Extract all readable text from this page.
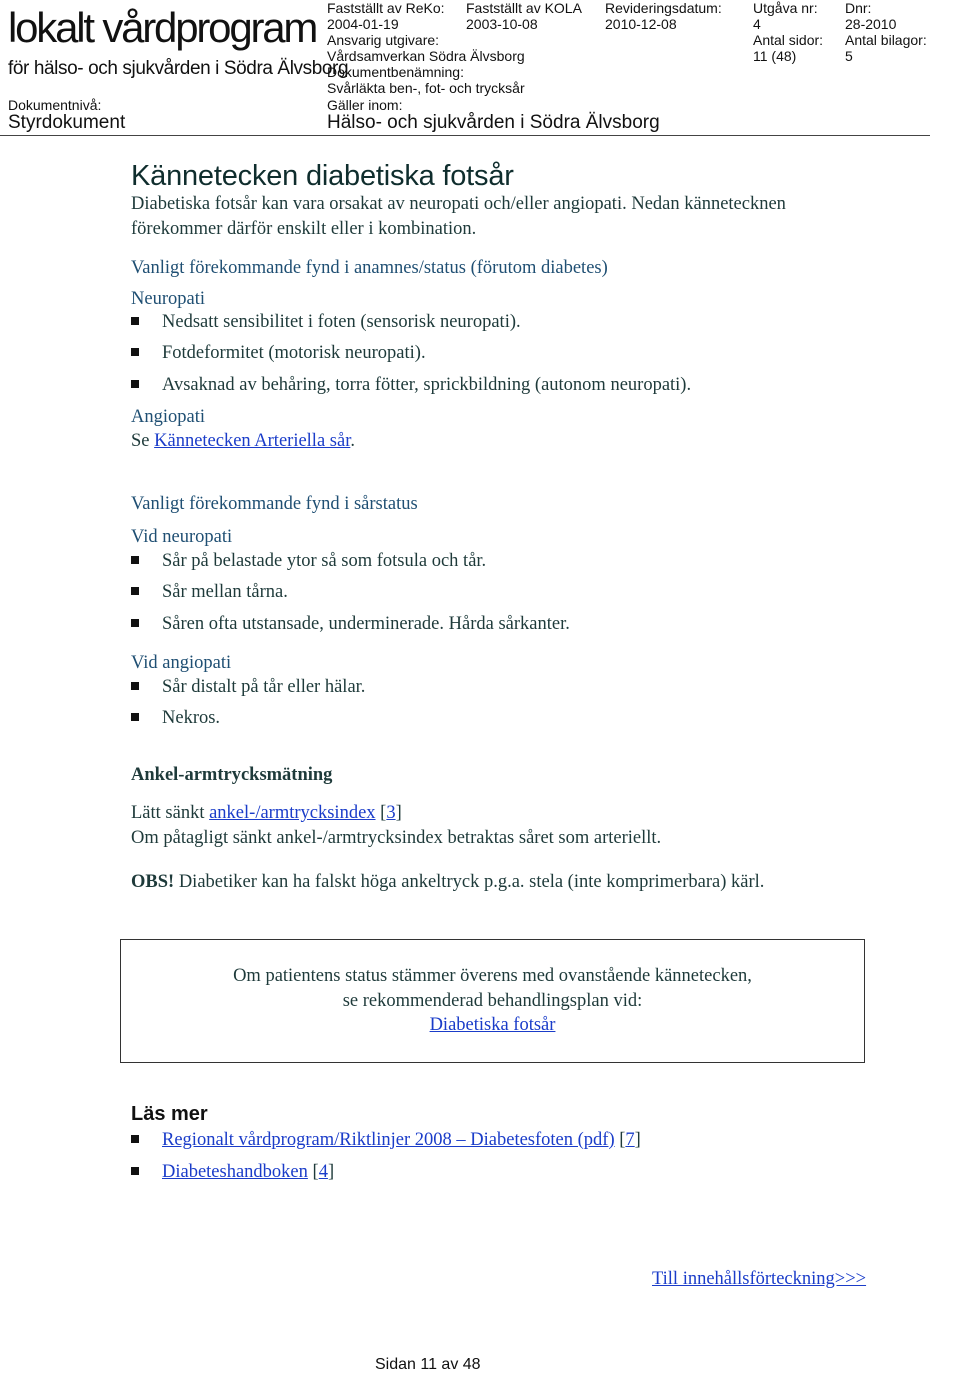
lokalt vårdprogram
för hälso- och sjukvården i Södra Älvsborg
Fastställt av ReKo:
2004-01-19
Fastställt av KOLA
2003-10-08
Revideringsdatum:
2010-12-08
Utgåva nr:
4
Dnr:
28-2010
Ansvarig utgivare:
Vårdsamverkan Södra Älvsborg
Antal sidor:
11 (48)
Antal bilagor:
5
Dokumentbenämning:
Svårläkta ben-, fot- och trycksår
Dokumentnivå:
Styrdokument
Gäller inom:
Hälso- och sjukvården i Södra Älvsborg
Kännetecken diabetiska fotsår
Diabetiska fotsår kan vara orsakat av neuropati och/eller angiopati. Nedan kännetecknen
förekommer därför enskilt eller i kombination.
Vanligt förekommande fynd i anamnes/status (förutom diabetes)
Neuropati
Nedsatt sensibilitet i foten (sensorisk neuropati).
Fotdeformitet (motorisk neuropati).
Avsaknad av behåring, torra fötter, sprickbildning (autonom neuropati).
Angiopati
Se Kännetecken Arteriella sår.
Vanligt förekommande fynd i sårstatus
Vid neuropati
Sår på belastade ytor så som fotsula och tår.
Sår mellan tårna.
Såren ofta utstansade, underminerade. Hårda sårkanter.
Vid angiopati
Sår distalt på tår eller hälar.
Nekros.
Ankel-armtrycksmätning
Lätt sänkt ankel-/armtrycksindex [3]
Om påtagligt sänkt ankel-/armtrycksindex betraktas såret som arteriellt.
OBS! Diabetiker kan ha falskt höga ankeltryck p.g.a. stela (inte komprimerbara) kärl.
Om patientens status stämmer överens med ovanstående kännetecken,
se rekommenderad behandlingsplan vid:
Diabetiska fotsår
Läs mer
Regionalt vårdprogram/Riktlinjer 2008 – Diabetesfoten (pdf) [7]
Diabeteshandboken [4]
Till innehållsförteckning>>>
Sidan 11 av 48
